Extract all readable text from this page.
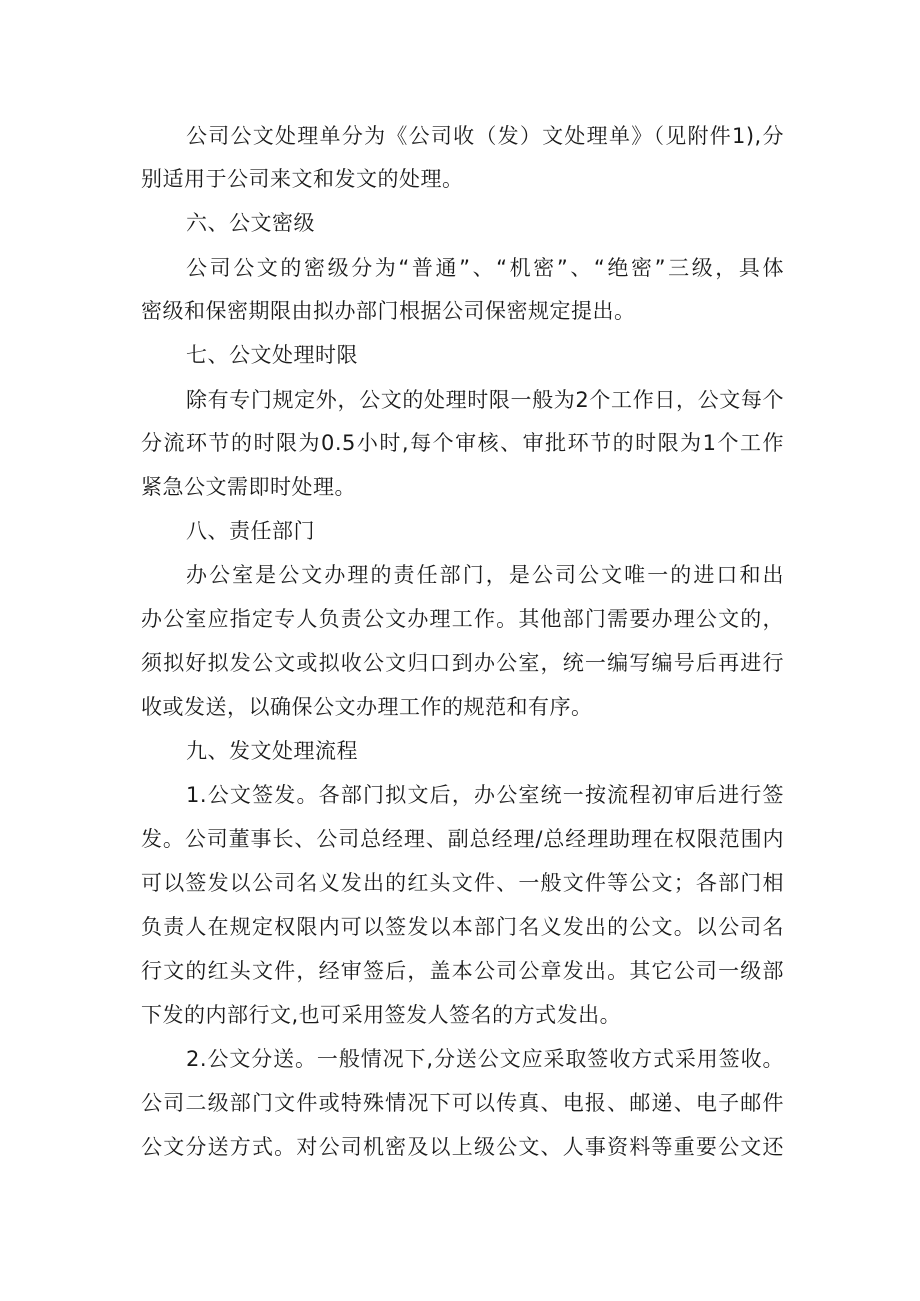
公司公文处理单分为《公司收（发）文处理单》（见附件1),分
别适用于公司来文和发文的处理。
六、公文密级
公司公文的密级分为“普通”、“机密”、“绝密”三级，具体
密级和保密期限由拟办部门根据公司保密规定提出。
七、公文处理时限
除有专门规定外，公文的处理时限一般为2个工作日，公文每个
分流环节的时限为0.5小时,每个审核、审批环节的时限为1个工作
紧急公文需即时处理。
八、责任部门
办公室是公文办理的责任部门，是公司公文唯一的进口和出
办公室应指定专人负责公文办理工作。其他部门需要办理公文的，
须拟好拟发公文或拟收公文归口到办公室，统一编写编号后再进行
收或发送，以确保公文办理工作的规范和有序。
九、发文处理流程
1.公文签发。各部门拟文后，办公室统一按流程初审后进行签
发。公司董事长、公司总经理、副总经理/总经理助理在权限范围内
可以签发以公司名义发出的红头文件、一般文件等公文；各部门相
负责人在规定权限内可以签发以本部门名义发出的公文。以公司名
行文的红头文件，经审签后，盖本公司公章发出。其它公司一级部
下发的内部行文,也可采用签发人签名的方式发出。
2.公文分送。一般情况下,分送公文应采取签收方式采用签收。
公司二级部门文件或特殊情况下可以传真、电报、邮递、电子邮件
公文分送方式。对公司机密及以上级公文、人事资料等重要公文还
